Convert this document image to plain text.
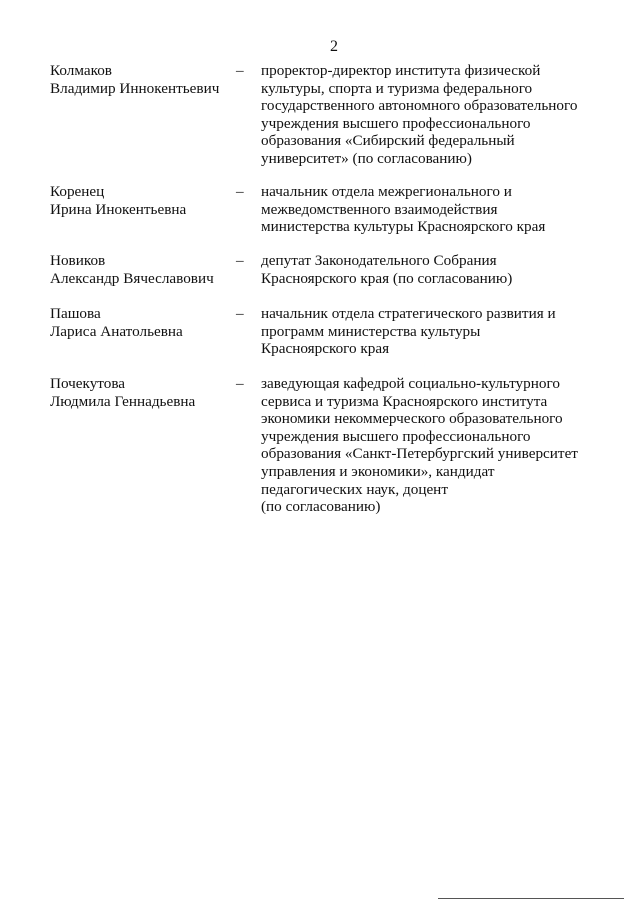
2
Колмаков
Владимир Иннокентьевич
– проректор-директор института физической
культуры, спорта и туризма федерального
государственного автономного образовательного
учреждения высшего профессионального
образования «Сибирский федеральный
университет» (по согласованию)
Коренец
Ирина Инокентьевна
– начальник отдела межрегионального и
межведомственного взаимодействия
министерства культуры Красноярского края
Новиков
Александр Вячеславович
– депутат Законодательного Собрания
Красноярского края (по согласованию)
Пашова
Лариса Анатольевна
– начальник отдела стратегического развития и
программ министерства культуры
Красноярского края
Почекутова
Людмила Геннадьевна
– заведующая кафедрой социально-культурного
сервиса и туризма Красноярского института
экономики некоммерческого образовательного
учреждения высшего профессионального
образования «Санкт-Петербургский университет
управления и экономики», кандидат
педагогических наук, доцент
(по согласованию)
